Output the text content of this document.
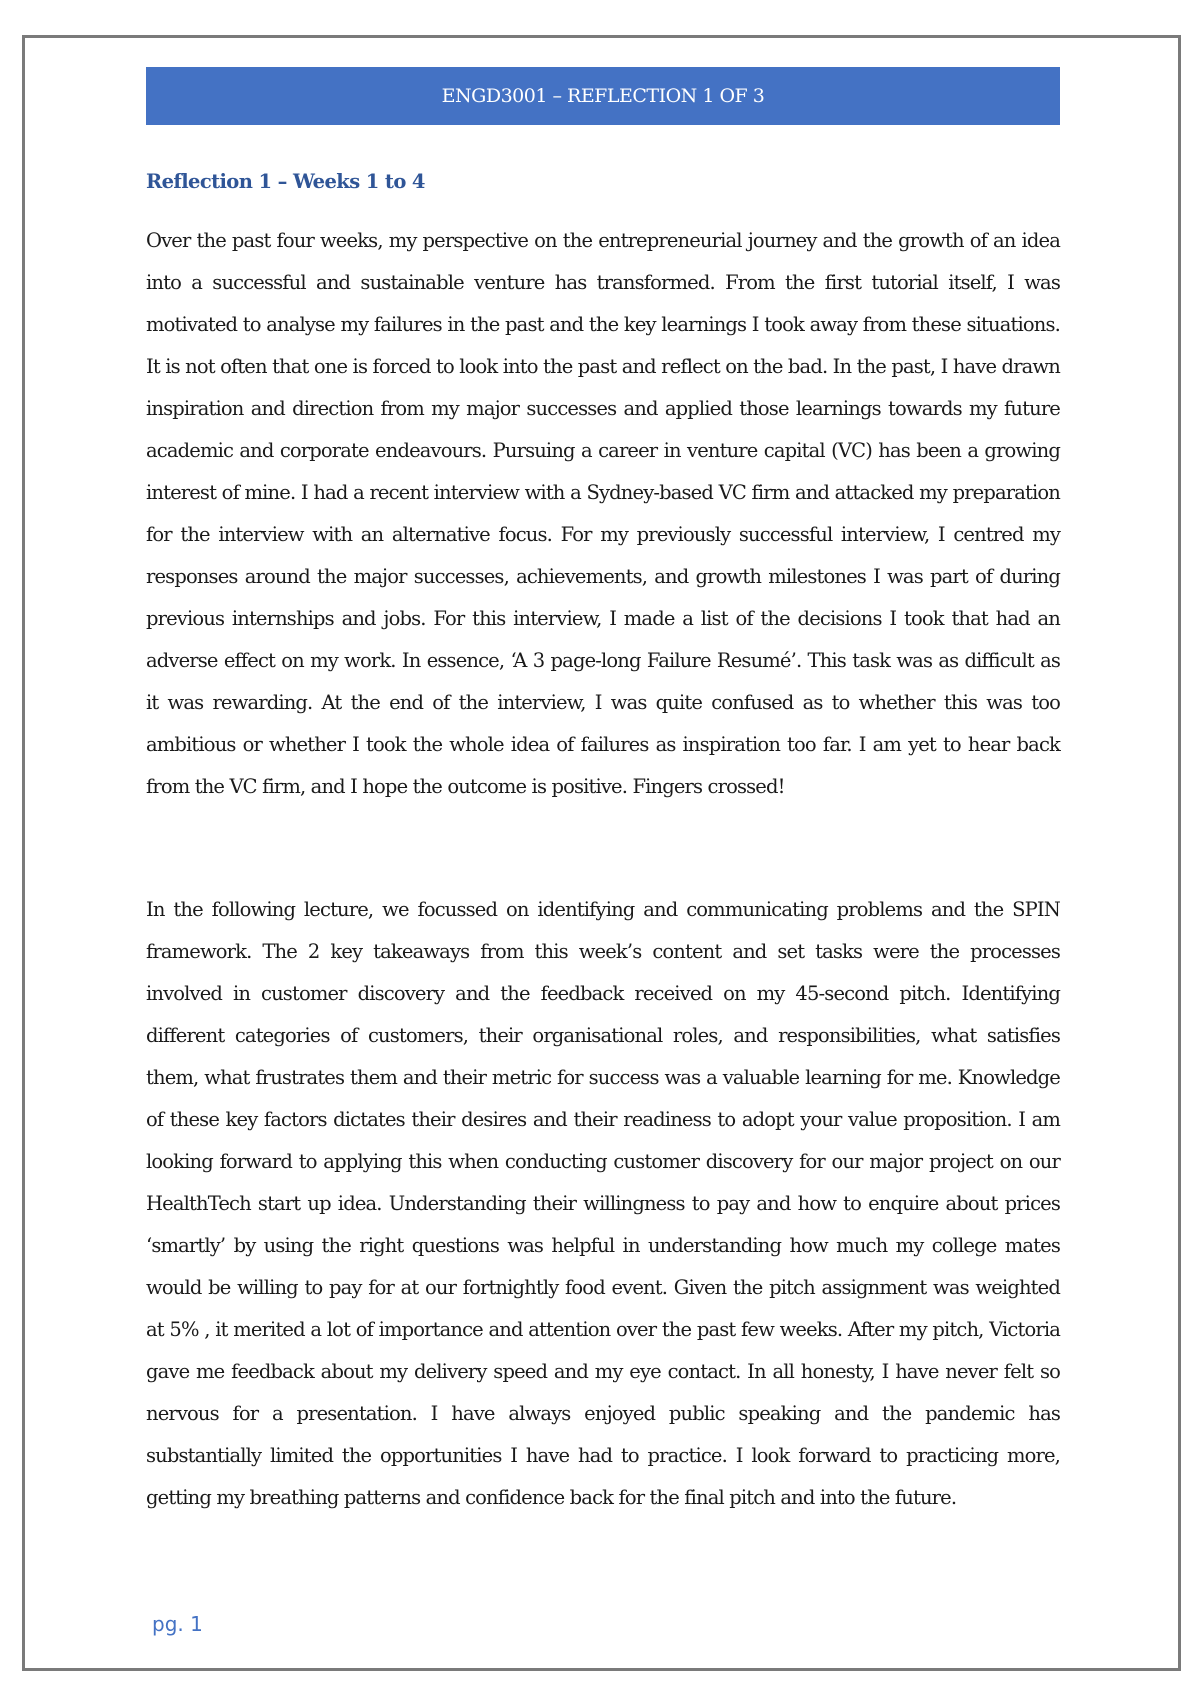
ENGD3001 – REFLECTION 1 OF 3
Reflection 1 – Weeks 1 to 4

Over the past four weeks, my perspective on the entrepreneurial journey and the growth of an idea into a successful and sustainable venture has transformed. From the first tutorial itself, I was motivated to analyse my failures in the past and the key learnings I took away from these situations. It is not often that one is forced to look into the past and reflect on the bad. In the past, I have drawn inspiration and direction from my major successes and applied those learnings towards my future academic and corporate endeavours. Pursuing a career in venture capital (VC) has been a growing interest of mine. I had a recent interview with a Sydney-based VC firm and attacked my preparation for the interview with an alternative focus. For my previously successful interview, I centred my responses around the major successes, achievements, and growth milestones I was part of during previous internships and jobs. For this interview, I made a list of the decisions I took that had an adverse effect on my work. In essence, ‘A 3 page-long Failure Resumé’. This task was as difficult as it was rewarding. At the end of the interview, I was quite confused as to whether this was too ambitious or whether I took the whole idea of failures as inspiration too far. I am yet to hear back from the VC firm, and I hope the outcome is positive. Fingers crossed!

In the following lecture, we focussed on identifying and communicating problems and the SPIN framework. The 2 key takeaways from this week’s content and set tasks were the processes involved in customer discovery and the feedback received on my 45-second pitch. Identifying different categories of customers, their organisational roles, and responsibilities, what satisfies them, what frustrates them and their metric for success was a valuable learning for me. Knowledge of these key factors dictates their desires and their readiness to adopt your value proposition. I am looking forward to applying this when conducting customer discovery for our major project on our HealthTech start up idea. Understanding their willingness to pay and how to enquire about prices ‘smartly’ by using the right questions was helpful in understanding how much my college mates would be willing to pay for at our fortnightly food event. Given the pitch assignment was weighted at 5% , it merited a lot of importance and attention over the past few weeks. After my pitch, Victoria gave me feedback about my delivery speed and my eye contact. In all honesty, I have never felt so nervous for a presentation. I have always enjoyed public speaking and the pandemic has substantially limited the opportunities I have had to practice. I look forward to practicing more, getting my breathing patterns and confidence back for the final pitch and into the future.

pg. 1
